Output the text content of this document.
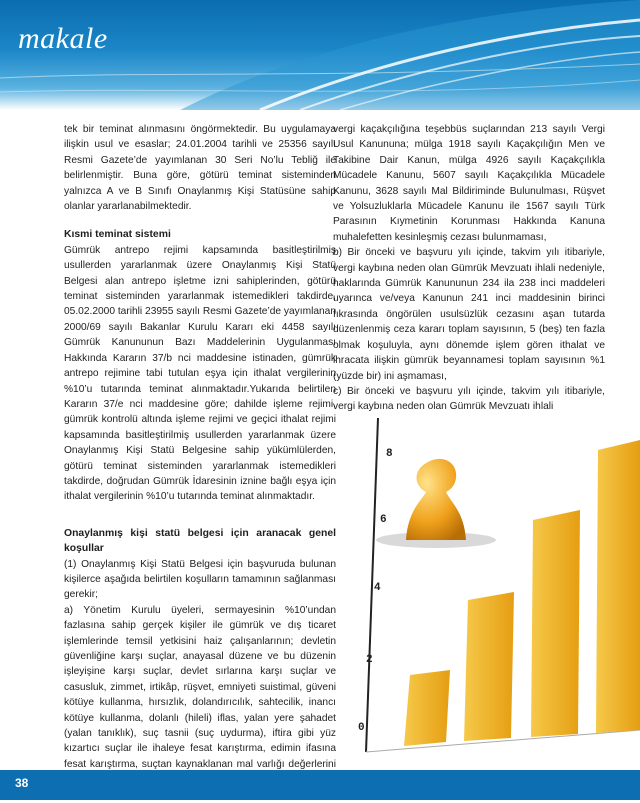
makale

tek bir teminat alınmasını öngörmektedir. Bu uygulamaya ilişkin usul ve esaslar; 24.01.2004 tarihli ve 25356 sayılı Resmi Gazete’de yayımlanan 30 Seri No’lu Tebliğ ile belirlenmiştir. Buna göre, götürü teminat sisteminden yalnızca A ve B Sınıfı Onaylanmış Kişi Statüsüne sahip olanlar yararlanabilmektedir.

Kısmi teminat sistemi

Gümrük antrepo rejimi kapsamında basitleştirilmiş usullerden yararlanmak üzere Onaylanmış Kişi Statü Belgesi alan antrepo işletme izni sahiplerinden, götürü teminat sisteminden yararlanmak istemedikleri takdirde, 05.02.2000 tarihli 23955 sayılı Resmi Gazete’de yayımlanan 2000/69 sayılı Bakanlar Kurulu Kararı eki 4458 sayılı Gümrük Kanununun Bazı Maddelerinin Uygulanması Hakkında Kararın 37/b nci maddesine istinaden, gümrük antrepo rejimine tabi tutulan eşya için ithalat vergilerinin %10’u tutarında teminat alınmaktadır.Yukarıda belirtilen Kararın 37/e nci maddesine göre; dahilde işleme rejimi, gümrük kontrolü altında işleme rejimi ve geçici ithalat rejimi kapsamında basitleştirilmiş usullerden yararlanmak üzere Onaylanmış Kişi Statü Belgesine sahip yükümlülerden, götürü teminat sisteminden yararlanmak istemedikleri takdirde, doğrudan Gümrük İdaresinin iznine bağlı eşya için ithalat vergilerinin %10’u tutarında teminat alınmaktadır.

Onaylanmış kişi statü belgesi için aranacak genel koşullar

(1) Onaylanmış Kişi Statü Belgesi için başvuruda bulunan kişilerce aşağıda belirtilen koşulların tamamının sağlanması gerekir;

a) Yönetim Kurulu üyeleri, sermayesinin %10’undan fazlasına sahip gerçek kişiler ile gümrük ve dış ticaret işlemlerinde temsil yetkisini haiz çalışanlarının; devletin güvenliğine karşı suçlar, anayasal düzene ve bu düzenin işleyişine karşı suçlar, devlet sırlarına karşı suçlar ve casusluk, zimmet, irtikâp, rüşvet, emniyeti suistimal, güveni kötüye kullanma, hırsızlık, dolandırıcılık, sahtecilik, inancı kötüye kullanma, dolanlı (hileli) iflas, yalan yere şahadet (yalan tanıklık), suç tasnii (suç uydurma), iftira gibi yüz kızartıcı suçlar ile ihaleye fesat karıştırma, edimin ifasına fesat karıştırma, suçtan kaynaklanan mal varlığı değerlerini

vergi kaçakçılığına teşebbüs suçlarından 213 sayılı Vergi Usul Kanununa; mülga 1918 sayılı Kaçakçılığın Men ve Takibine Dair Kanun, mülga 4926 sayılı Kaçakçılıkla Mücadele Kanunu, 5607 sayılı Kaçakçılıkla Mücadele Kanunu, 3628 sayılı Mal Bildiriminde Bulunulması, Rüşvet ve Yolsuzluklarla Mücadele Kanunu ile 1567 sayılı Türk Parasının Kıymetinin Korunması Hakkında Kanuna muhalefetten kesinleşmiş cezası bulunmaması,

b) Bir önceki ve başvuru yılı içinde, takvim yılı itibariyle, vergi kaybına neden olan Gümrük Mevzuatı ihlali nedeniyle, haklarında Gümrük Kanununun 234 ila 238 inci maddeleri uyarınca ve/veya Kanunun 241 inci maddesinin birinci fıkrasında öngörülen usulsüzlük cezasını aşan tutarda düzenlenmiş ceza kararı toplam sayısının, 5 (beş) ten fazla olmak koşuluyla, aynı dönemde işlem gören ithalat ve ihracata ilişkin gümrük beyannamesi toplam sayısının %1 (yüzde bir) ini aşmaması,

c) Bir önceki ve başvuru yılı içinde, takvim yılı itibariyle, vergi kaybına neden olan Gümrük Mevzuatı ihlali

8
6
4
2
0
38
